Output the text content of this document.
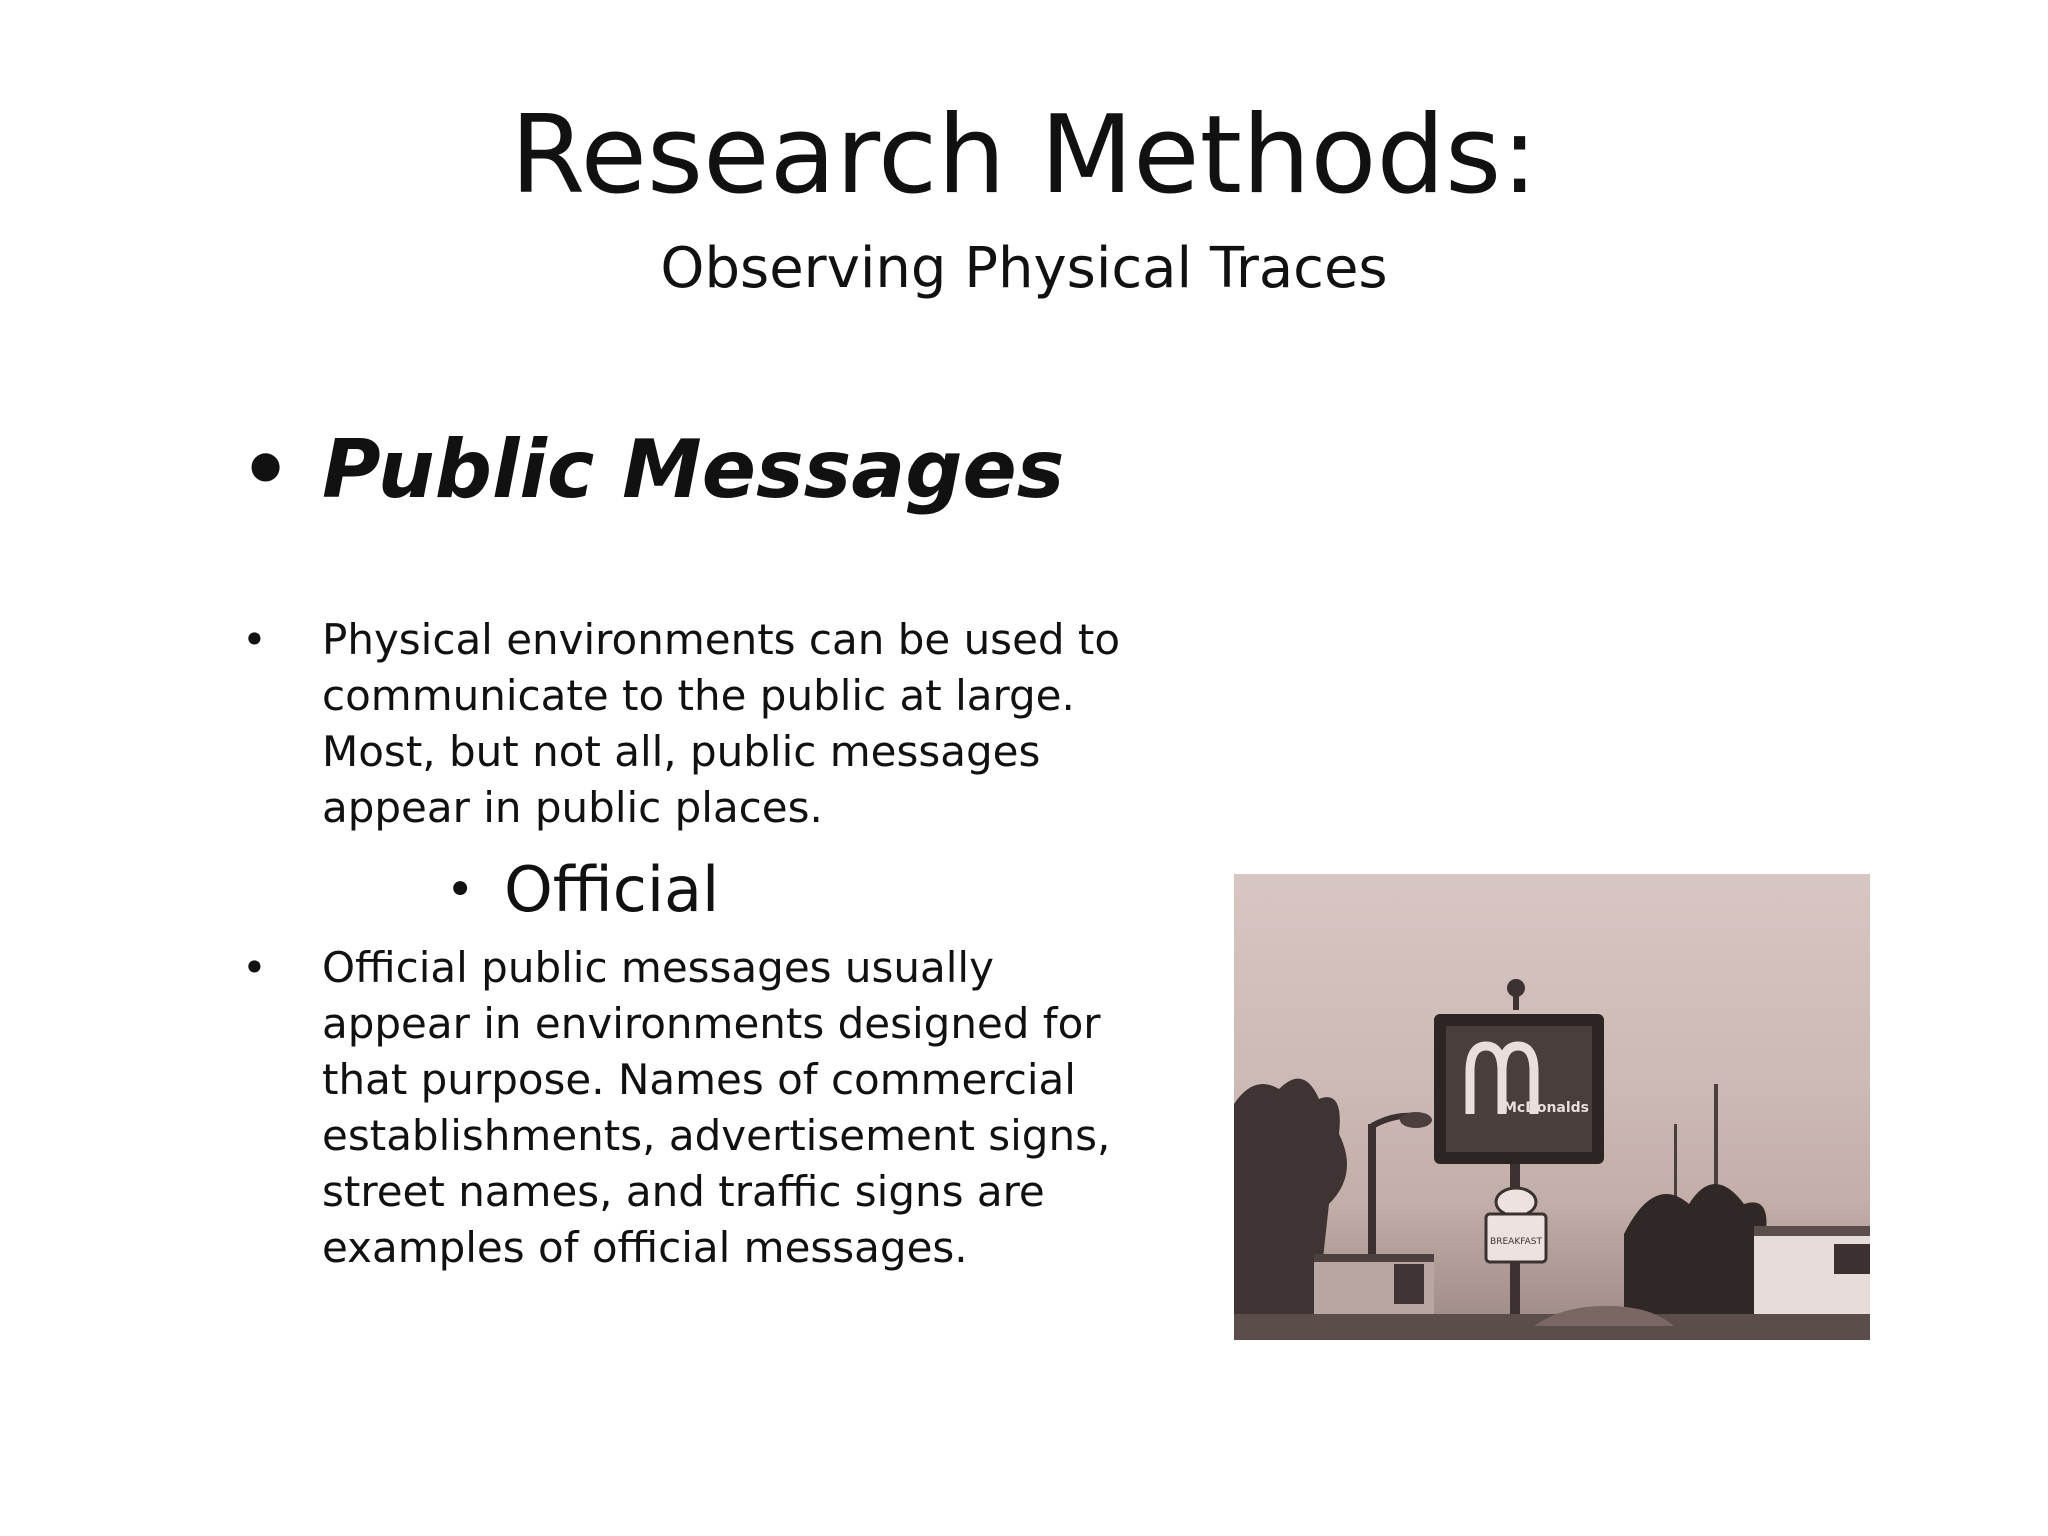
Research Methods:
Observing Physical Traces
• Public Messages
• Physical environments can be used to communicate to the public at large. Most, but not all, public messages appear in public places.
• Official
• Official public messages usually appear in environments designed for that purpose. Names of commercial establishments, advertisement signs, street names, and traffic signs are examples of official messages.
McDonalds
BREAKFAST
